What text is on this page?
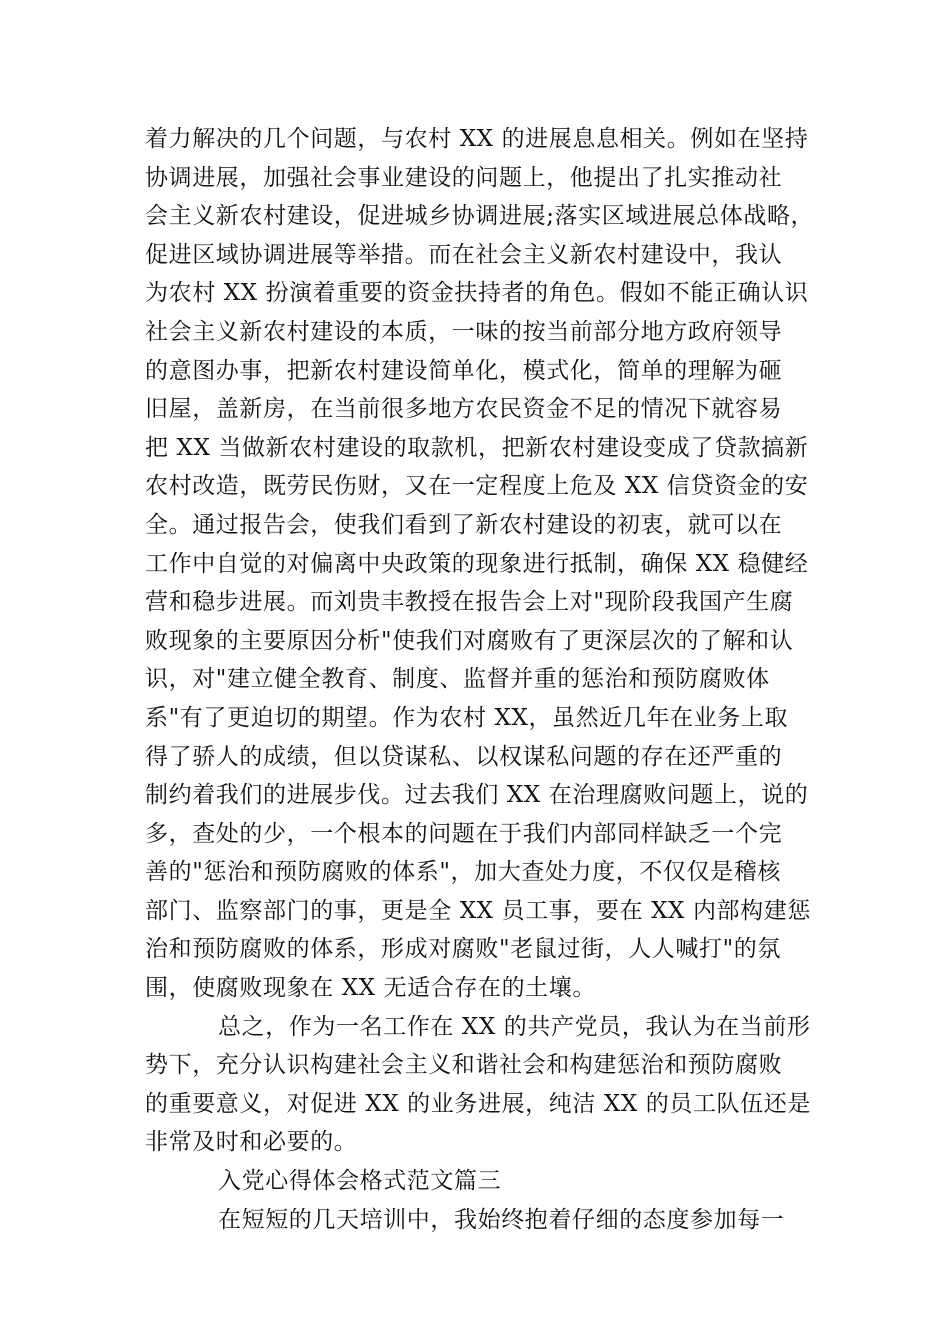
着力解决的几个问题，与农村 XX 的进展息息相关。例如在坚持
协调进展，加强社会事业建设的问题上，他提出了扎实推动社
会主义新农村建设，促进城乡协调进展;落实区域进展总体战略，
促进区域协调进展等举措。而在社会主义新农村建设中，我认
为农村 XX 扮演着重要的资金扶持者的角色。假如不能正确认识
社会主义新农村建设的本质，一味的按当前部分地方政府领导
的意图办事，把新农村建设简单化，模式化，简单的理解为砸
旧屋，盖新房，在当前很多地方农民资金不足的情况下就容易
把 XX 当做新农村建设的取款机，把新农村建设变成了贷款搞新
农村改造，既劳民伤财，又在一定程度上危及 XX 信贷资金的安
全。通过报告会，使我们看到了新农村建设的初衷，就可以在
工作中自觉的对偏离中央政策的现象进行抵制，确保 XX 稳健经
营和稳步进展。而刘贵丰教授在报告会上对"现阶段我国产生腐
败现象的主要原因分析"使我们对腐败有了更深层次的了解和认
识，对"建立健全教育、制度、监督并重的惩治和预防腐败体
系"有了更迫切的期望。作为农村 XX，虽然近几年在业务上取
得了骄人的成绩，但以贷谋私、以权谋私问题的存在还严重的
制约着我们的进展步伐。过去我们 XX 在治理腐败问题上，说的
多，查处的少，一个根本的问题在于我们内部同样缺乏一个完
善的"惩治和预防腐败的体系"，加大查处力度，不仅仅是稽核
部门、监察部门的事，更是全 XX 员工事，要在 XX 内部构建惩
治和预防腐败的体系，形成对腐败"老鼠过街，人人喊打"的氛
围，使腐败现象在 XX 无适合存在的土壤。
总之，作为一名工作在 XX 的共产党员，我认为在当前形
势下，充分认识构建社会主义和谐社会和构建惩治和预防腐败
的重要意义，对促进 XX 的业务进展，纯洁 XX 的员工队伍还是
非常及时和必要的。
入党心得体会格式范文篇三
在短短的几天培训中，我始终抱着仔细的态度参加每一
